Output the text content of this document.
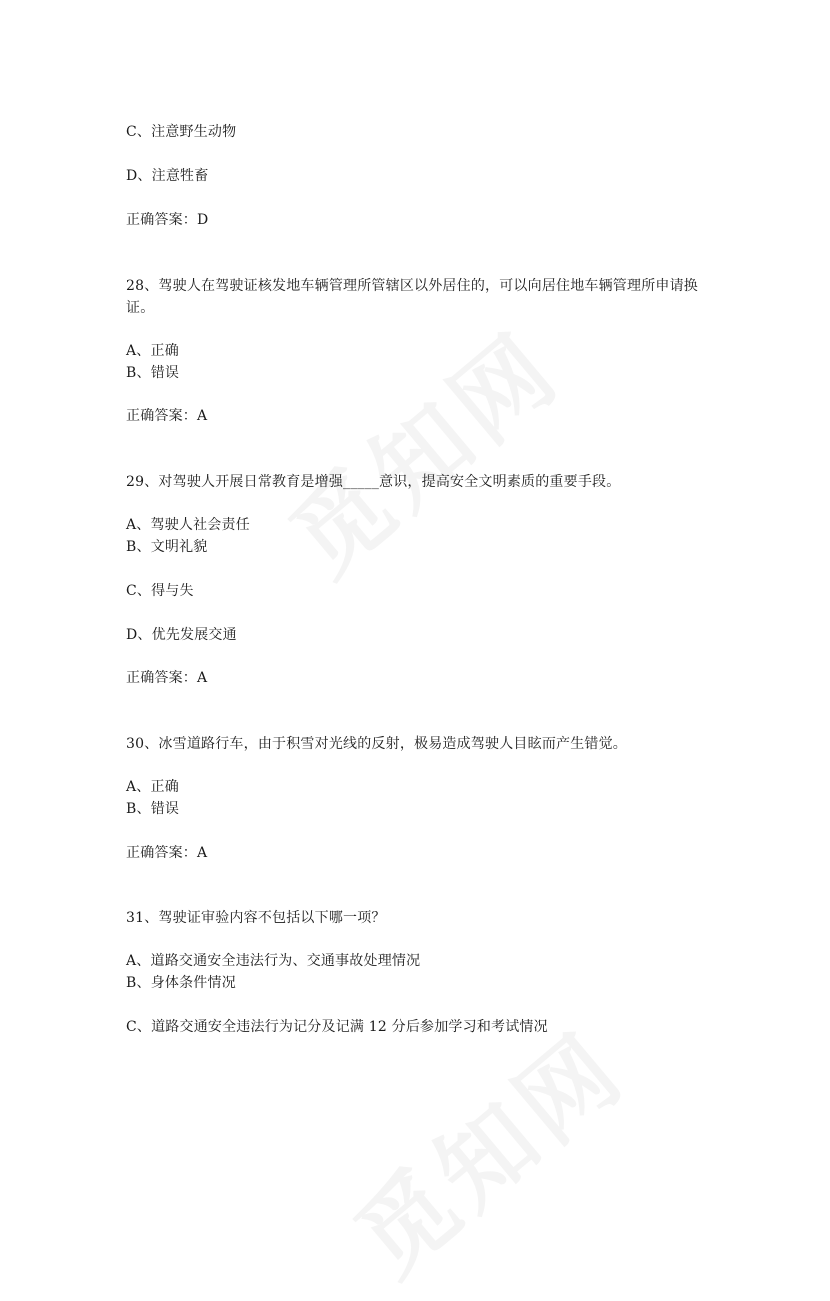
C、注意野生动物
D、注意牲畜
正确答案：D
28、驾驶人在驾驶证核发地车辆管理所管辖区以外居住的，可以向居住地车辆管理所申请换
证。
A、正确
B、错误
正确答案：A
29、对驾驶人开展日常教育是增强_____意识，提高安全文明素质的重要手段。
A、驾驶人社会责任
B、文明礼貌
C、得与失
D、优先发展交通
正确答案：A
30、冰雪道路行车，由于积雪对光线的反射，极易造成驾驶人目眩而产生错觉。
A、正确
B、错误
正确答案：A
31、驾驶证审验内容不包括以下哪一项？
A、道路交通安全违法行为、交通事故处理情况
B、身体条件情况
C、道路交通安全违法行为记分及记满 12 分后参加学习和考试情况
